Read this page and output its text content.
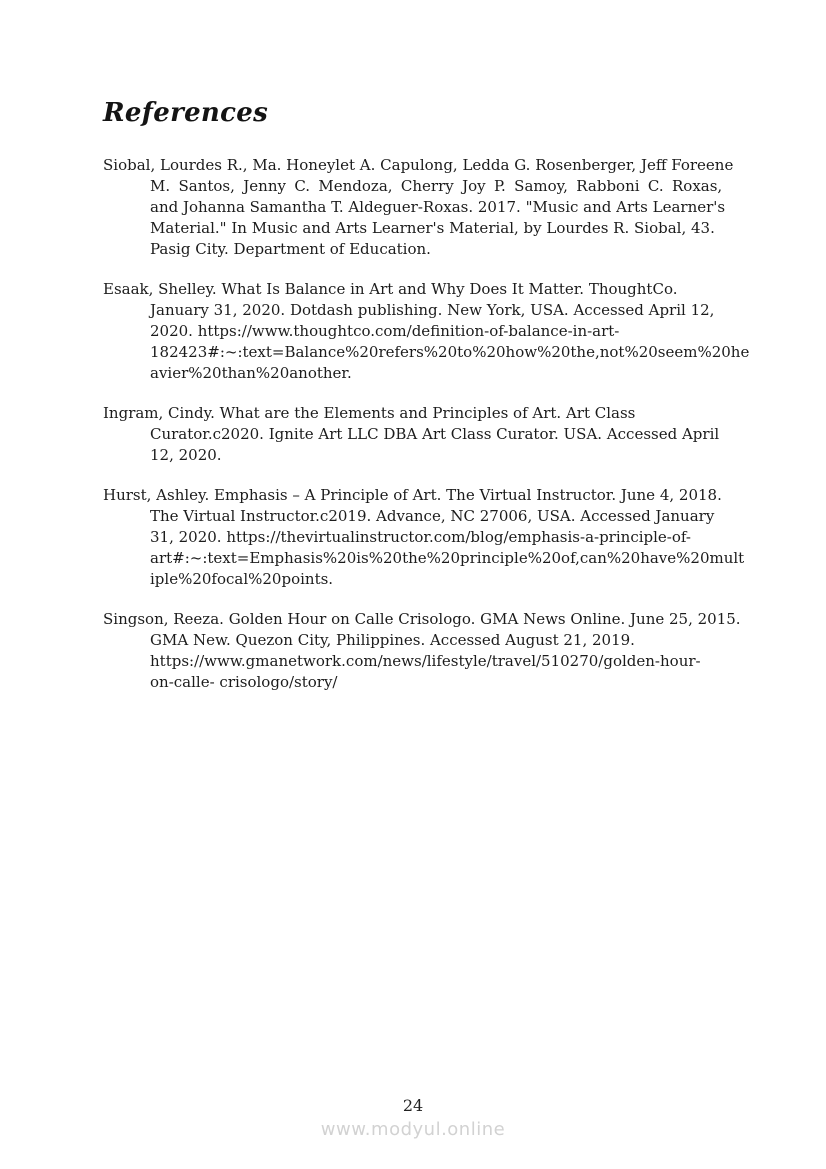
References
Siobal, Lourdes R., Ma. Honeylet A. Capulong, Ledda G. Rosenberger, Jeff Foreene
M. Santos, Jenny C. Mendoza, Cherry Joy P. Samoy, Rabboni C. Roxas,
and Johanna Samantha T. Aldeguer-Roxas. 2017. "Music and Arts Learner's
Material." In Music and Arts Learner's Material, by Lourdes R. Siobal, 43.
Pasig City. Department of Education.
Esaak, Shelley. What Is Balance in Art and Why Does It Matter. ThoughtCo.
January 31, 2020. Dotdash publishing. New York, USA. Accessed April 12,
2020. https://www.thoughtco.com/definition-of-balance-in-art-
182423#:~:text=Balance%20refers%20to%20how%20the,not%20seem%20he
avier%20than%20another.
Ingram, Cindy. What are the Elements and Principles of Art. Art Class
Curator.c2020. Ignite Art LLC DBA Art Class Curator. USA. Accessed April
12, 2020.
Hurst, Ashley. Emphasis – A Principle of Art. The Virtual Instructor. June 4, 2018.
The Virtual Instructor.c2019. Advance, NC 27006, USA. Accessed January
31, 2020. https://thevirtualinstructor.com/blog/emphasis-a-principle-of-
art#:~:text=Emphasis%20is%20the%20principle%20of,can%20have%20mult
iple%20focal%20points.
Singson, Reeza. Golden Hour on Calle Crisologo. GMA News Online. June 25, 2015.
GMA New. Quezon City, Philippines. Accessed August 21, 2019.
https://www.gmanetwork.com/news/lifestyle/travel/510270/golden-hour-
on-calle- crisologo/story/
24
www.modyul.online
